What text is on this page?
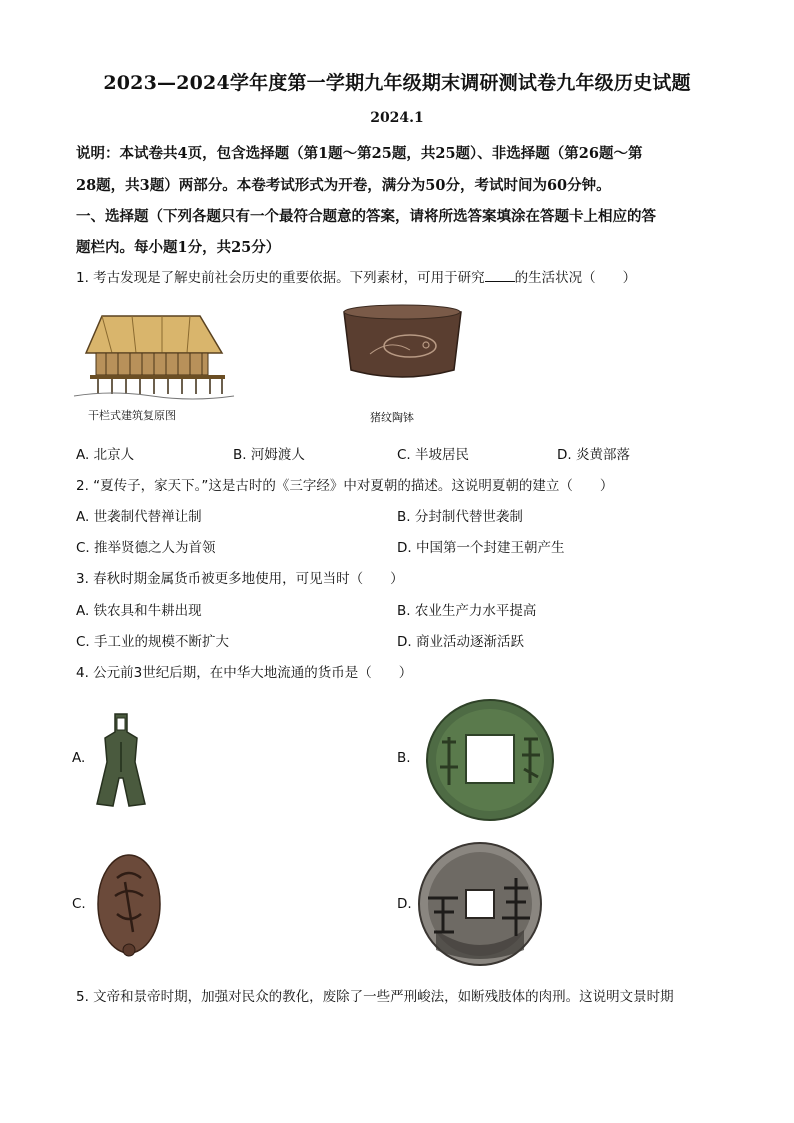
2023—2024学年度第一学期九年级期末调研测试卷九年级历史试题
2024.1
说明：本试卷共4页，包含选择题（第1题～第25题，共25题）、非选择题（第26题～第
28题，共3题）两部分。本卷考试形式为开卷，满分为50分，考试时间为60分钟。
一、选择题（下列各题只有一个最符合题意的答案，请将所选答案填涂在答题卡上相应的答
题栏内。每小题1分，共25分）
1. 考古发现是了解史前社会历史的重要依据。下列素材，可用于研究 的生活状况（　　）
干栏式建筑复原图	猪纹陶钵
A. 北京人	B. 河姆渡人	C. 半坡居民	D. 炎黄部落
2. “夏传子，家天下。”这是古时的《三字经》中对夏朝的描述。这说明夏朝的建立（　　）
A. 世袭制代替禅让制	B. 分封制代替世袭制
C. 推举贤德之人为首领	D. 中国第一个封建王朝产生
3. 春秋时期金属货币被更多地使用，可见当时（　　）
A. 铁农具和牛耕出现	B. 农业生产力水平提高
C. 手工业的规模不断扩大	D. 商业活动逐渐活跃
4. 公元前3世纪后期，在中华大地流通的货币是（　　）
A.	B.
C.	D.
5. 文帝和景帝时期，加强对民众的教化，废除了一些严刑峻法，如断残肢体的肉刑。这说明文景时期
